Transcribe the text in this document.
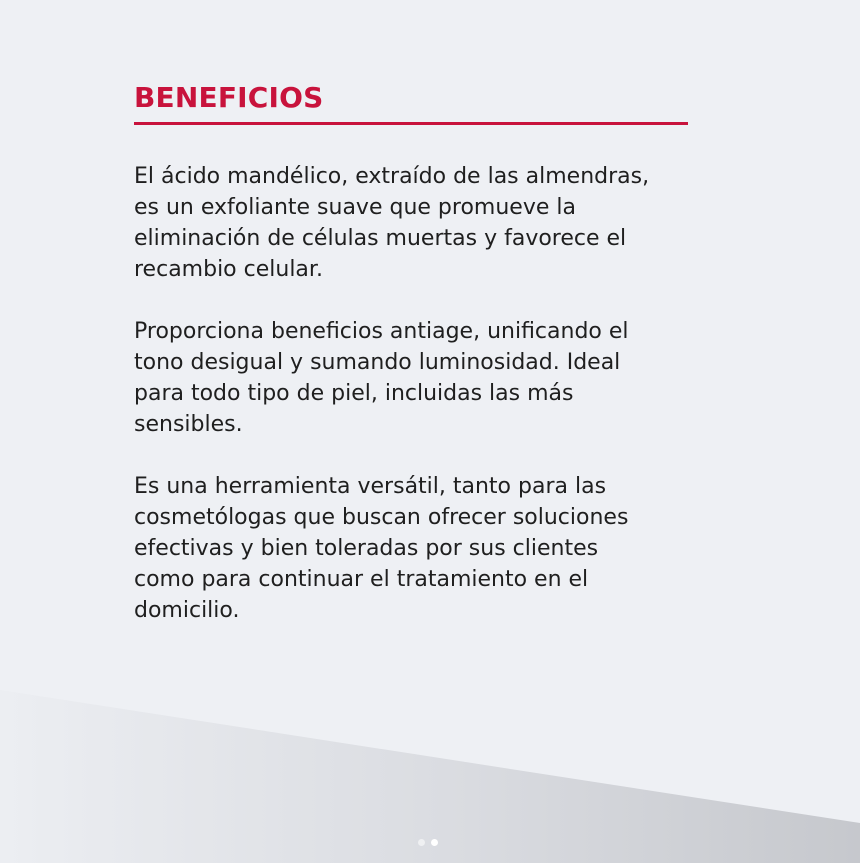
BENEFICIOS

El ácido mandélico, extraído de las almendras, es un exfoliante suave que promueve la eliminación de células muertas y favorece el recambio celular.

Proporciona beneficios antiage, unificando el tono desigual y sumando luminosidad. Ideal para todo tipo de piel, incluidas las más sensibles.

Es una herramienta versátil, tanto para las cosmetólogas que buscan ofrecer soluciones efectivas y bien toleradas por sus clientes como para continuar el tratamiento en el domicilio.
